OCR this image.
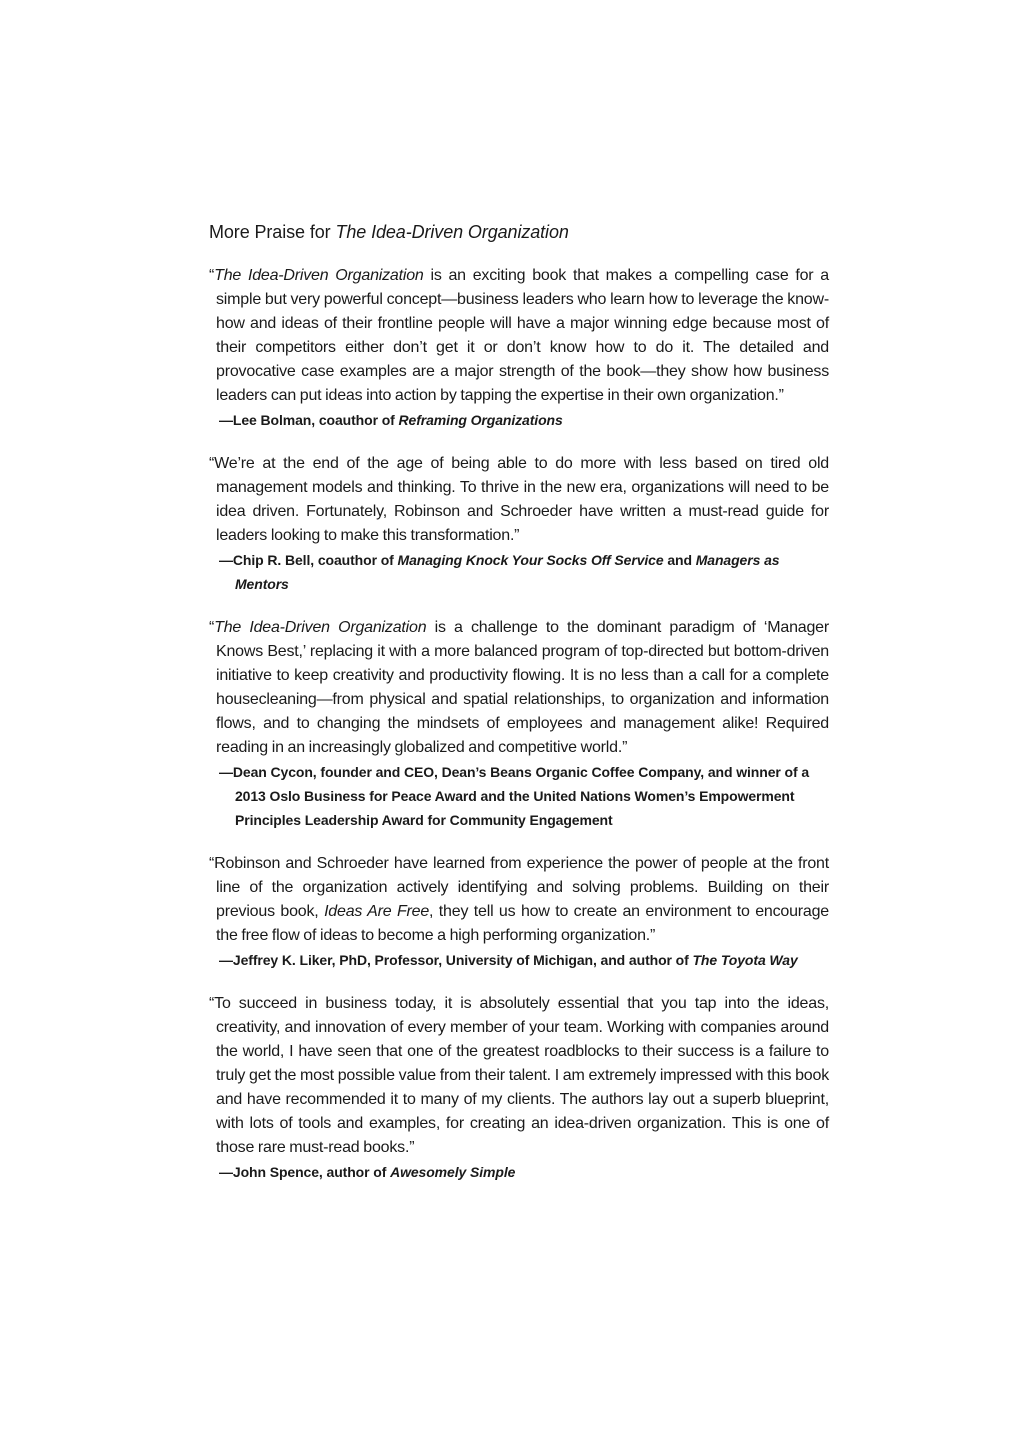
More Praise for The Idea-Driven Organization

“The Idea-Driven Organization is an exciting book that makes a compelling case for a simple but very powerful concept—business leaders who learn how to leverage the know-how and ideas of their frontline people will have a major winning edge because most of their competitors either don’t get it or don’t know how to do it. The detailed and provocative case examples are a major strength of the book—they show how business leaders can put ideas into action by tapping the expertise in their own organization.”

—Lee Bolman, coauthor of Reframing Organizations

“We’re at the end of the age of being able to do more with less based on tired old management models and thinking. To thrive in the new era, organizations will need to be idea driven. Fortunately, Robinson and Schroeder have written a must-read guide for leaders looking to make this transformation.”

—Chip R. Bell, coauthor of Managing Knock Your Socks Off Service and Managers as Mentors

“The Idea-Driven Organization is a challenge to the dominant paradigm of ‘Manager Knows Best,’ replacing it with a more balanced program of top-directed but bottom-driven initiative to keep creativity and productivity flowing. It is no less than a call for a complete housecleaning—from physical and spatial relationships, to organization and information flows, and to changing the mindsets of employees and management alike! Required reading in an increasingly globalized and competitive world.”

—Dean Cycon, founder and CEO, Dean’s Beans Organic Coffee Company, and winner of a 2013 Oslo Business for Peace Award and the United Nations Women’s Empowerment Principles Leadership Award for Community Engagement

“Robinson and Schroeder have learned from experience the power of people at the front line of the organization actively identifying and solving problems. Building on their previous book, Ideas Are Free, they tell us how to create an environment to encourage the free flow of ideas to become a high performing organization.”

—Jeffrey K. Liker, PhD, Professor, University of Michigan, and author of The Toyota Way

“To succeed in business today, it is absolutely essential that you tap into the ideas, creativity, and innovation of every member of your team. Working with companies around the world, I have seen that one of the greatest roadblocks to their success is a failure to truly get the most possible value from their talent. I am extremely impressed with this book and have recommended it to many of my clients. The authors lay out a superb blueprint, with lots of tools and examples, for creating an idea-driven organization. This is one of those rare must-read books.”

—John Spence, author of Awesomely Simple
